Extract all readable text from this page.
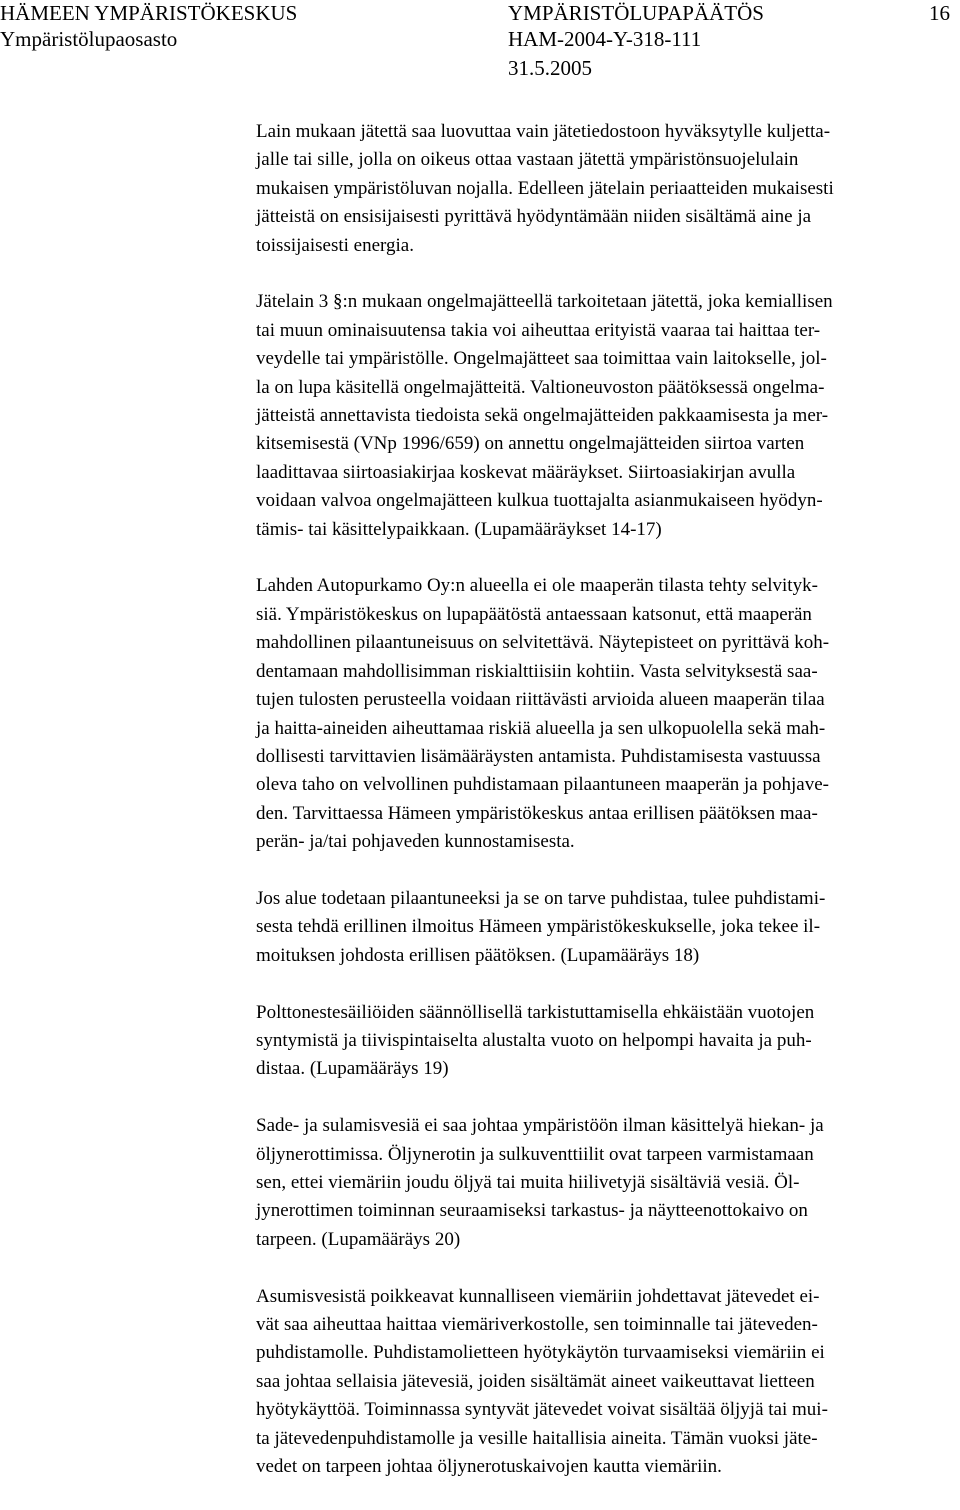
HÄMEEN YMPÄRISTÖKESKUS
Ympäristölupaosasto
YMPÄRISTÖLUPAPÄÄTÖS
HAM-2004-Y-318-111
31.5.2005
16

Lain mukaan jätettä saa luovuttaa vain jätetiedostoon hyväksytylle kuljetta-
jalle tai sille, jolla on oikeus ottaa vastaan jätettä ympäristönsuojelulain
mukaisen ympäristöluvan nojalla. Edelleen jätelain periaatteiden mukaisesti
jätteistä on ensisijaisesti pyrittävä hyödyntämään niiden sisältämä aine ja
toissijaisesti energia.

Jätelain 3 §:n mukaan ongelmajätteellä tarkoitetaan jätettä, joka kemiallisen
tai muun ominaisuutensa takia voi aiheuttaa erityistä vaaraa tai haittaa ter-
veydelle tai ympäristölle. Ongelmajätteet saa toimittaa vain laitokselle, jol-
la on lupa käsitellä ongelmajätteitä. Valtioneuvoston päätöksessä ongelma-
jätteistä annettavista tiedoista sekä ongelmajätteiden pakkaamisesta ja mer-
kitsemisestä (VNp 1996/659) on annettu ongelmajätteiden siirtoa varten
laadittavaa siirtoasiakirjaa koskevat määräykset. Siirtoasiakirjan avulla
voidaan valvoa ongelmajätteen kulkua tuottajalta asianmukaiseen hyödyn-
tämis- tai käsittelypaikkaan. (Lupamääräykset 14-17)

Lahden Autopurkamo Oy:n alueella ei ole maaperän tilasta tehty selvityk-
siä. Ympäristökeskus on lupapäätöstä antaessaan katsonut, että maaperän
mahdollinen pilaantuneisuus on selvitettävä. Näytepisteet on pyrittävä koh-
dentamaan mahdollisimman riskialttiisiin kohtiin. Vasta selvityksestä saa-
tujen tulosten perusteella voidaan riittävästi arvioida alueen maaperän tilaa
ja haitta-aineiden aiheuttamaa riskiä alueella ja sen ulkopuolella sekä mah-
dollisesti tarvittavien lisämääräysten antamista. Puhdistamisesta vastuussa
oleva taho on velvollinen puhdistamaan pilaantuneen maaperän ja pohjave-
den. Tarvittaessa Hämeen ympäristökeskus antaa erillisen päätöksen maa-
perän- ja/tai pohjaveden kunnostamisesta.

Jos alue todetaan pilaantuneeksi ja se on tarve puhdistaa, tulee puhdistami-
sesta tehdä erillinen ilmoitus Hämeen ympäristökeskukselle, joka tekee il-
moituksen johdosta erillisen päätöksen. (Lupamääräys 18)

Polttonestesäiliöiden säännöllisellä tarkistuttamisella ehkäistään vuotojen
syntymistä ja tiivispintaiselta alustalta vuoto on helpompi havaita ja puh-
distaa. (Lupamääräys 19)

Sade- ja sulamisvesiä ei saa johtaa ympäristöön ilman käsittelyä hiekan- ja
öljynerottimissa. Öljynerotin ja sulkuventtiilit ovat tarpeen varmistamaan
sen, ettei viemäriin joudu öljyä tai muita hiilivetyjä sisältäviä vesiä. Öl-
jynerottimen toiminnan seuraamiseksi tarkastus- ja näytteenottokaivo on
tarpeen. (Lupamääräys 20)

Asumisvesistä poikkeavat kunnalliseen viemäriin johdettavat jätevedet ei-
vät saa aiheuttaa haittaa viemäriverkostolle, sen toiminnalle tai jäteveden-
puhdistamolle. Puhdistamolietteen hyötykäytön turvaamiseksi viemäriin ei
saa johtaa sellaisia jätevesiä, joiden sisältämät aineet vaikeuttavat lietteen
hyötykäyttöä. Toiminnassa syntyvät jätevedet voivat sisältää öljyjä tai mui-
ta jätevedenpuhdistamolle ja vesille haitallisia aineita. Tämän vuoksi jäte-
vedet on tarpeen johtaa öljynerotuskaivojen kautta viemäriin.
